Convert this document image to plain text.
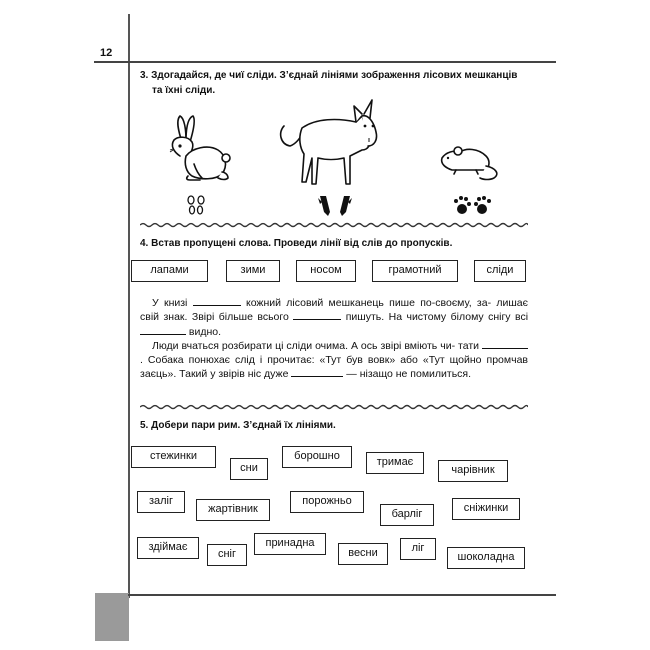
12
3. Здогадайся, де чиї сліди. З’єднай лініями зображення лісових мешканців
та їхні сліди.
4. Встав пропущені слова. Проведи лінії від слів до пропусків.
лапами	зими	носом	грамотний	сліди
У книзі	кожний лісовий мешканець пише по-своєму, за- лишає свій знак. Звірі більше всього	пишуть. На чистому білому снігу всі  видно.
Люди вчаться розбирати ці сліди очима. А ось звірі вміють чи- тати . Собака понюхає слід і прочитає: «Тут був вовк» або «Тут щойно промчав заєць». Такий у звірів ніс дуже	— нізащо не помилиться.
5. Добери пари рим. З’єднай їх лініями.
стежинки
сни
борошно	тримає
чарівник
заліг
жартівник
порожньо
барліг	сніжинки
здіймає
сніг
принадна
весни	ліг
шоколадна
